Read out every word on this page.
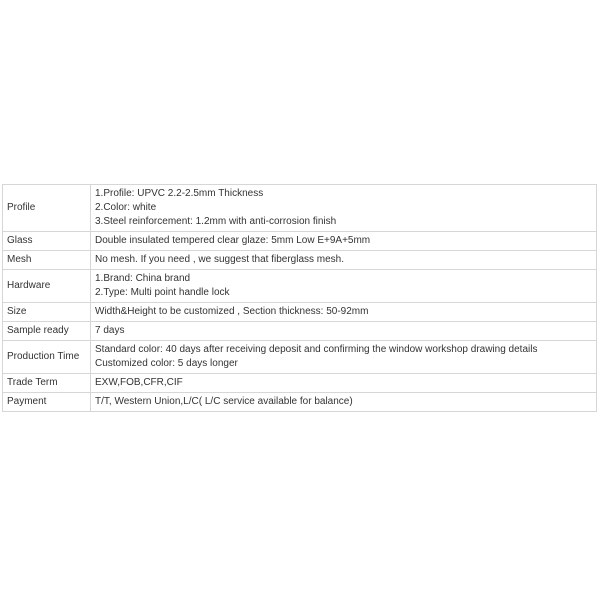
Profile	1.Profile: UPVC 2.2-2.5mm Thickness
2.Color: white
3.Steel reinforcement: 1.2mm with anti-corrosion finish

Glass	Double insulated tempered clear glaze: 5mm Low E+9A+5mm

Mesh	No mesh. If you need , we suggest that fiberglass mesh.

Hardware	1.Brand: China brand
2.Type: Multi point handle lock

Size	Width&Height to be customized , Section thickness: 50-92mm

Sample ready	7 days

Production Time	Standard color: 40 days after receiving deposit and confirming the window workshop drawing details
Customized color: 5 days longer

Trade Term	EXW,FOB,CFR,CIF

Payment	T/T, Western Union,L/C( L/C service available for balance)
